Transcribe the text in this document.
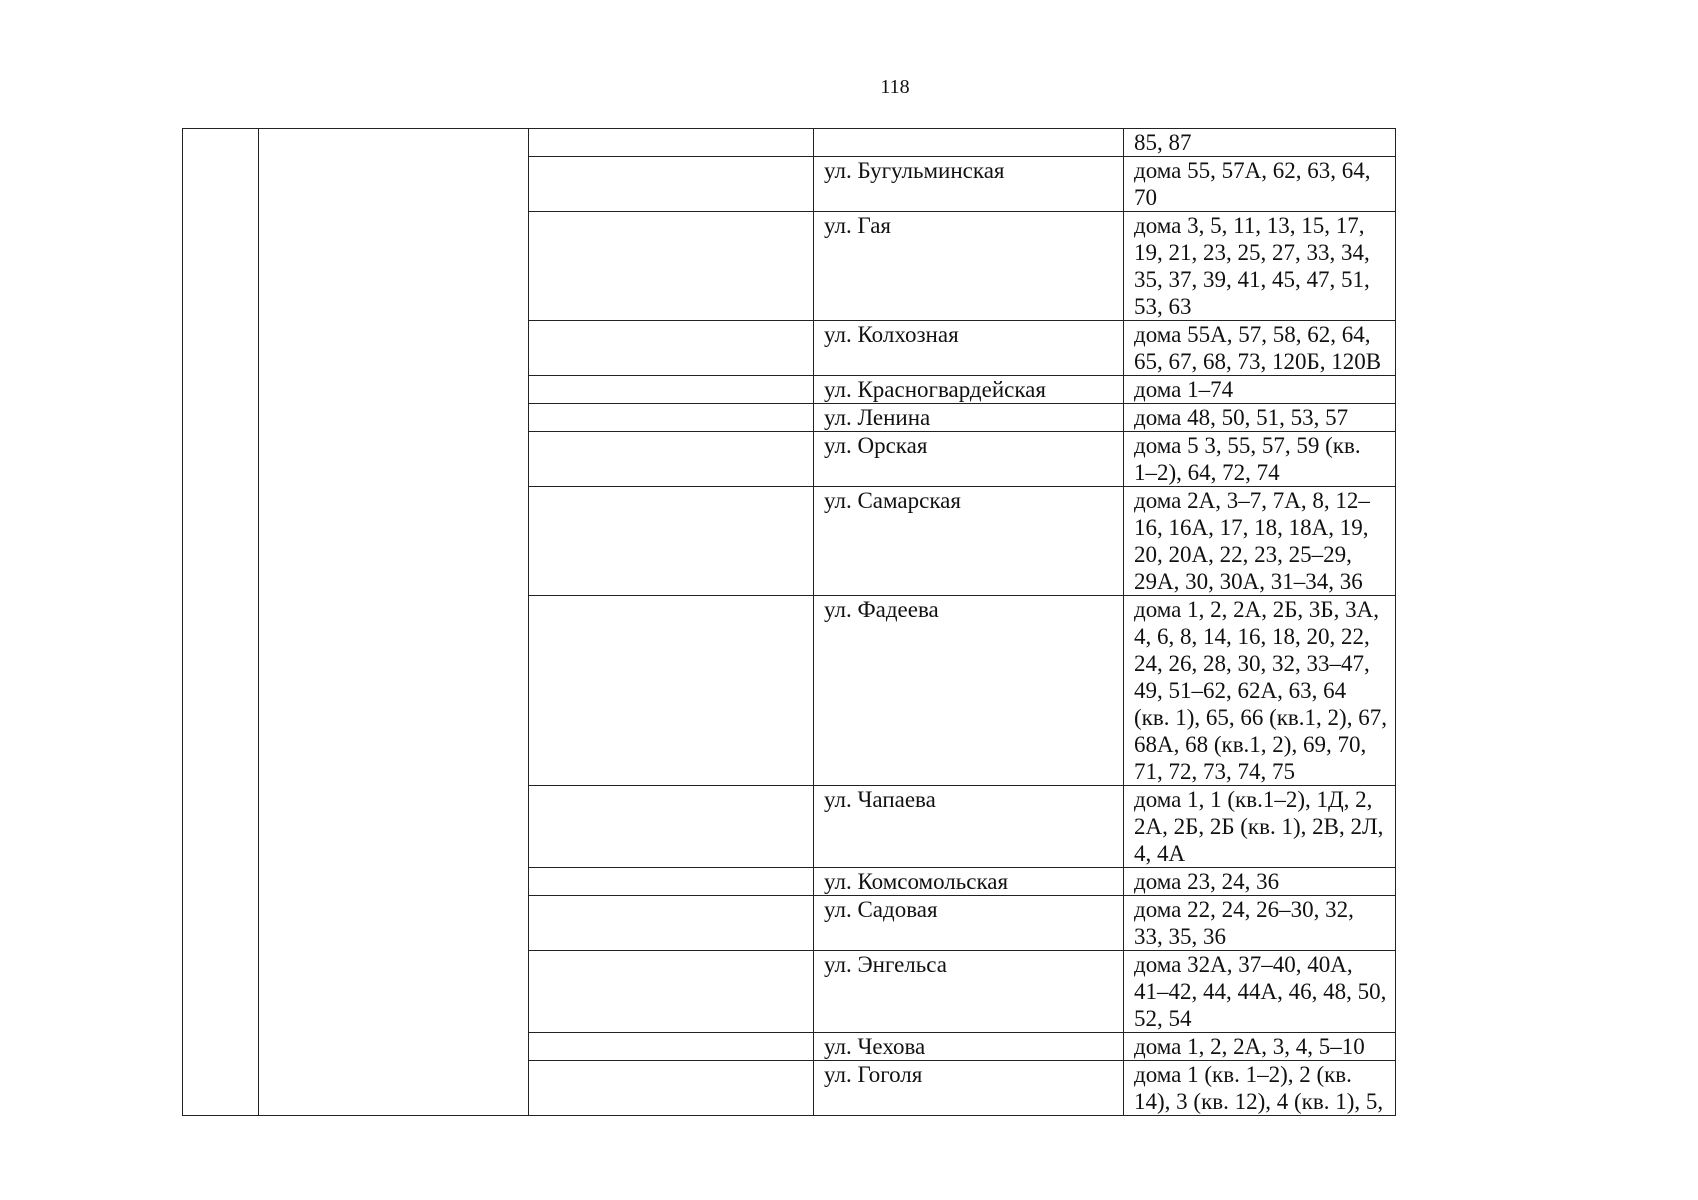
118
				85, 87
			ул. Бугульминская	дома 55, 57А, 62, 63, 64, 70
			ул. Гая	дома 3, 5, 11, 13, 15, 17, 19, 21, 23, 25, 27, 33, 34, 35, 37, 39, 41, 45, 47, 51, 53, 63
			ул. Колхозная	дома 55А, 57, 58, 62, 64, 65, 67, 68, 73, 120Б, 120В
			ул. Красногвардейская	дома 1–74
			ул. Ленина	дома 48, 50, 51, 53, 57
			ул. Орская	дома 5 3, 55, 57, 59 (кв. 1–2), 64, 72, 74
			ул. Самарская	дома 2А, 3–7, 7А, 8, 12–16, 16А, 17, 18, 18А, 19, 20, 20А, 22, 23, 25–29, 29А, 30, 30А, 31–34, 36
			ул. Фадеева	дома 1, 2, 2А, 2Б, 3Б, 3А, 4, 6, 8, 14, 16, 18, 20, 22, 24, 26, 28, 30, 32, 33–47, 49, 51–62, 62А, 63, 64 (кв. 1), 65, 66 (кв.1, 2), 67, 68А, 68 (кв.1, 2), 69, 70, 71, 72, 73, 74, 75
			ул. Чапаева	дома 1, 1 (кв.1–2), 1Д, 2, 2А, 2Б, 2Б (кв. 1), 2В, 2Л, 4, 4А
			ул. Комсомольская	дома 23, 24, 36
			ул. Садовая	дома 22, 24, 26–30, 32, 33, 35, 36
			ул. Энгельса	дома 32А, 37–40, 40А, 41–42, 44, 44А, 46, 48, 50, 52, 54
			ул. Чехова	дома 1, 2, 2А, 3, 4, 5–10
			ул. Гоголя	дома 1 (кв. 1–2), 2 (кв. 14), 3 (кв. 12), 4 (кв. 1), 5,
